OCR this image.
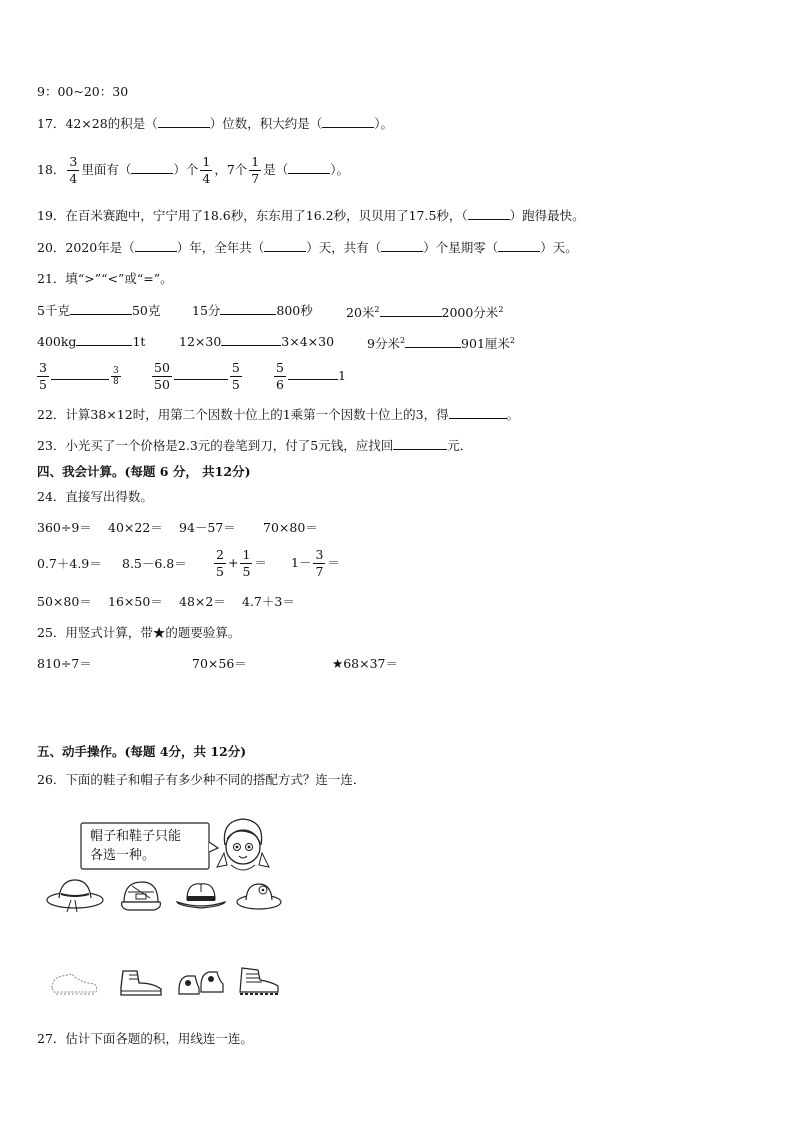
9：00~20：30
17．42×28的积是（	）位数，积大约是（	）。
18． $\frac{3}{4}$ 里面有（	）个 $\frac{1}{4}$ ，7个 $\frac{1}{7}$ 是（	）。
19．在百米赛跑中，宁宁用了18.6秒，东东用了16.2秒，贝贝用了17.5秒，（	）跑得最快。
20．2020年是（	）年，全年共（	）天，共有（	）个星期零（	）天。
21．填“>”“<”或“=”。
5千克	50克	15分	800秒	20米$^2$	2000分米$^2$
400kg	1t	12×30	3×4×30	9分米$^2$	901厘米$^2$
$\frac{3}{5}$	$\frac{3}{8}$	$\frac{50}{50}$	$\frac{5}{5}$	$\frac{5}{6}$	1
22．计算38×12时，用第二个因数十位上的1乘第一个因数十位上的3，得	。
23．小光买了一个价格是2.3元的卷笔到刀，付了5元钱，应找回	元．
四、我会计算。(每题 6 分， 共12分)
24．直接写出得数。
360÷9＝ 40×22＝ 94－57＝ 70×80＝
$0.7+4.9= 8.5-6.8= \frac{2}{5} + \frac{1}{5} = 1- \frac{3}{7}$ ＝
50×80＝ 16×50＝ 48×2＝ 4.7＋3＝
25．用竖式计算，带★的题要验算。
810÷7＝	70×56＝	★68×37＝
五、动手操作。(每题 4分，共 12分)
26．下面的鞋子和帽子有多少种不同的搭配方式？连一连．
帽子和鞋子只能
各选一种。
27．估计下面各题的积，用线连一连。
